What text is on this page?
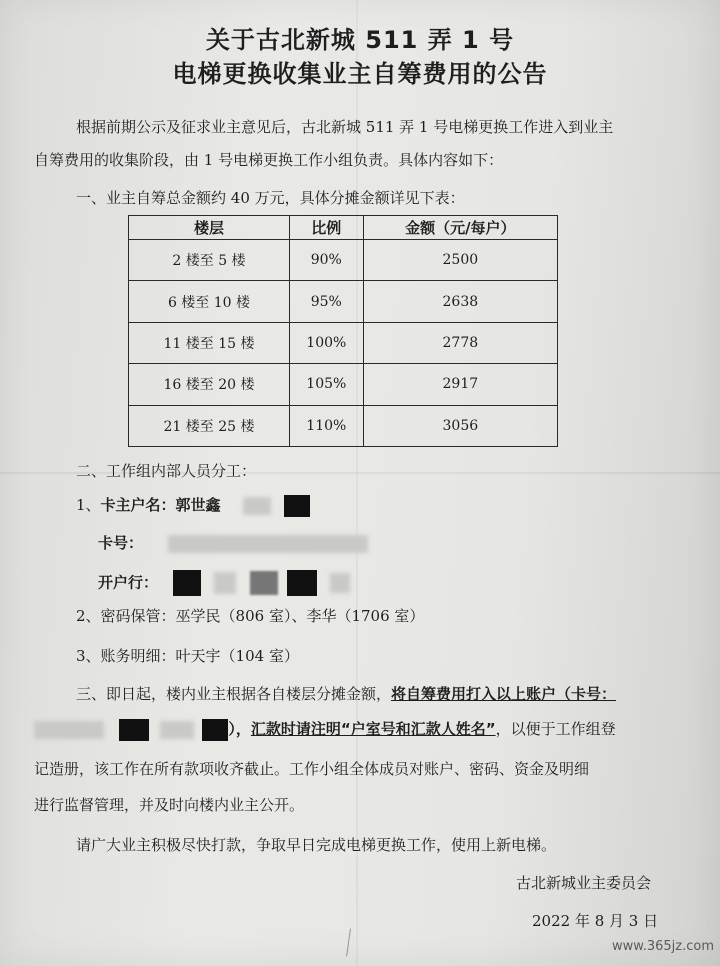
关于古北新城 511 弄 1 号
电梯更换收集业主自筹费用的公告
根据前期公示及征求业主意见后，古北新城 511 弄 1 号电梯更换工作进入到业主
自筹费用的收集阶段，由 1 号电梯更换工作小组负责。具体内容如下：
一、业主自筹总金额约 40 万元，具体分摊金额详见下表：
楼层	比例	金额（元/每户）
2 楼至 5 楼	90%	2500
6 楼至 10 楼	95%	2638
11 楼至 15 楼	100%	2778
16 楼至 20 楼	105%	2917
21 楼至 25 楼	110%	3056
二、工作组内部人员分工：
1、卡主户名：郭世鑫
卡号：
开户行：
2、密码保管：巫学民（806 室）、李华（1706 室）
3、账务明细：叶天宇（104 室）
三、即日起，楼内业主根据各自楼层分摊金额，将自筹费用打入以上账户（卡号：
），汇款时请注明“户室号和汇款人姓名”，以便于工作组登
记造册，该工作在所有款项收齐截止。工作小组全体成员对账户、密码、资金及明细
进行监督管理，并及时向楼内业主公开。
请广大业主积极尽快打款，争取早日完成电梯更换工作，使用上新电梯。
古北新城业主委员会
2022 年 8 月 3 日
www.365jz.com
